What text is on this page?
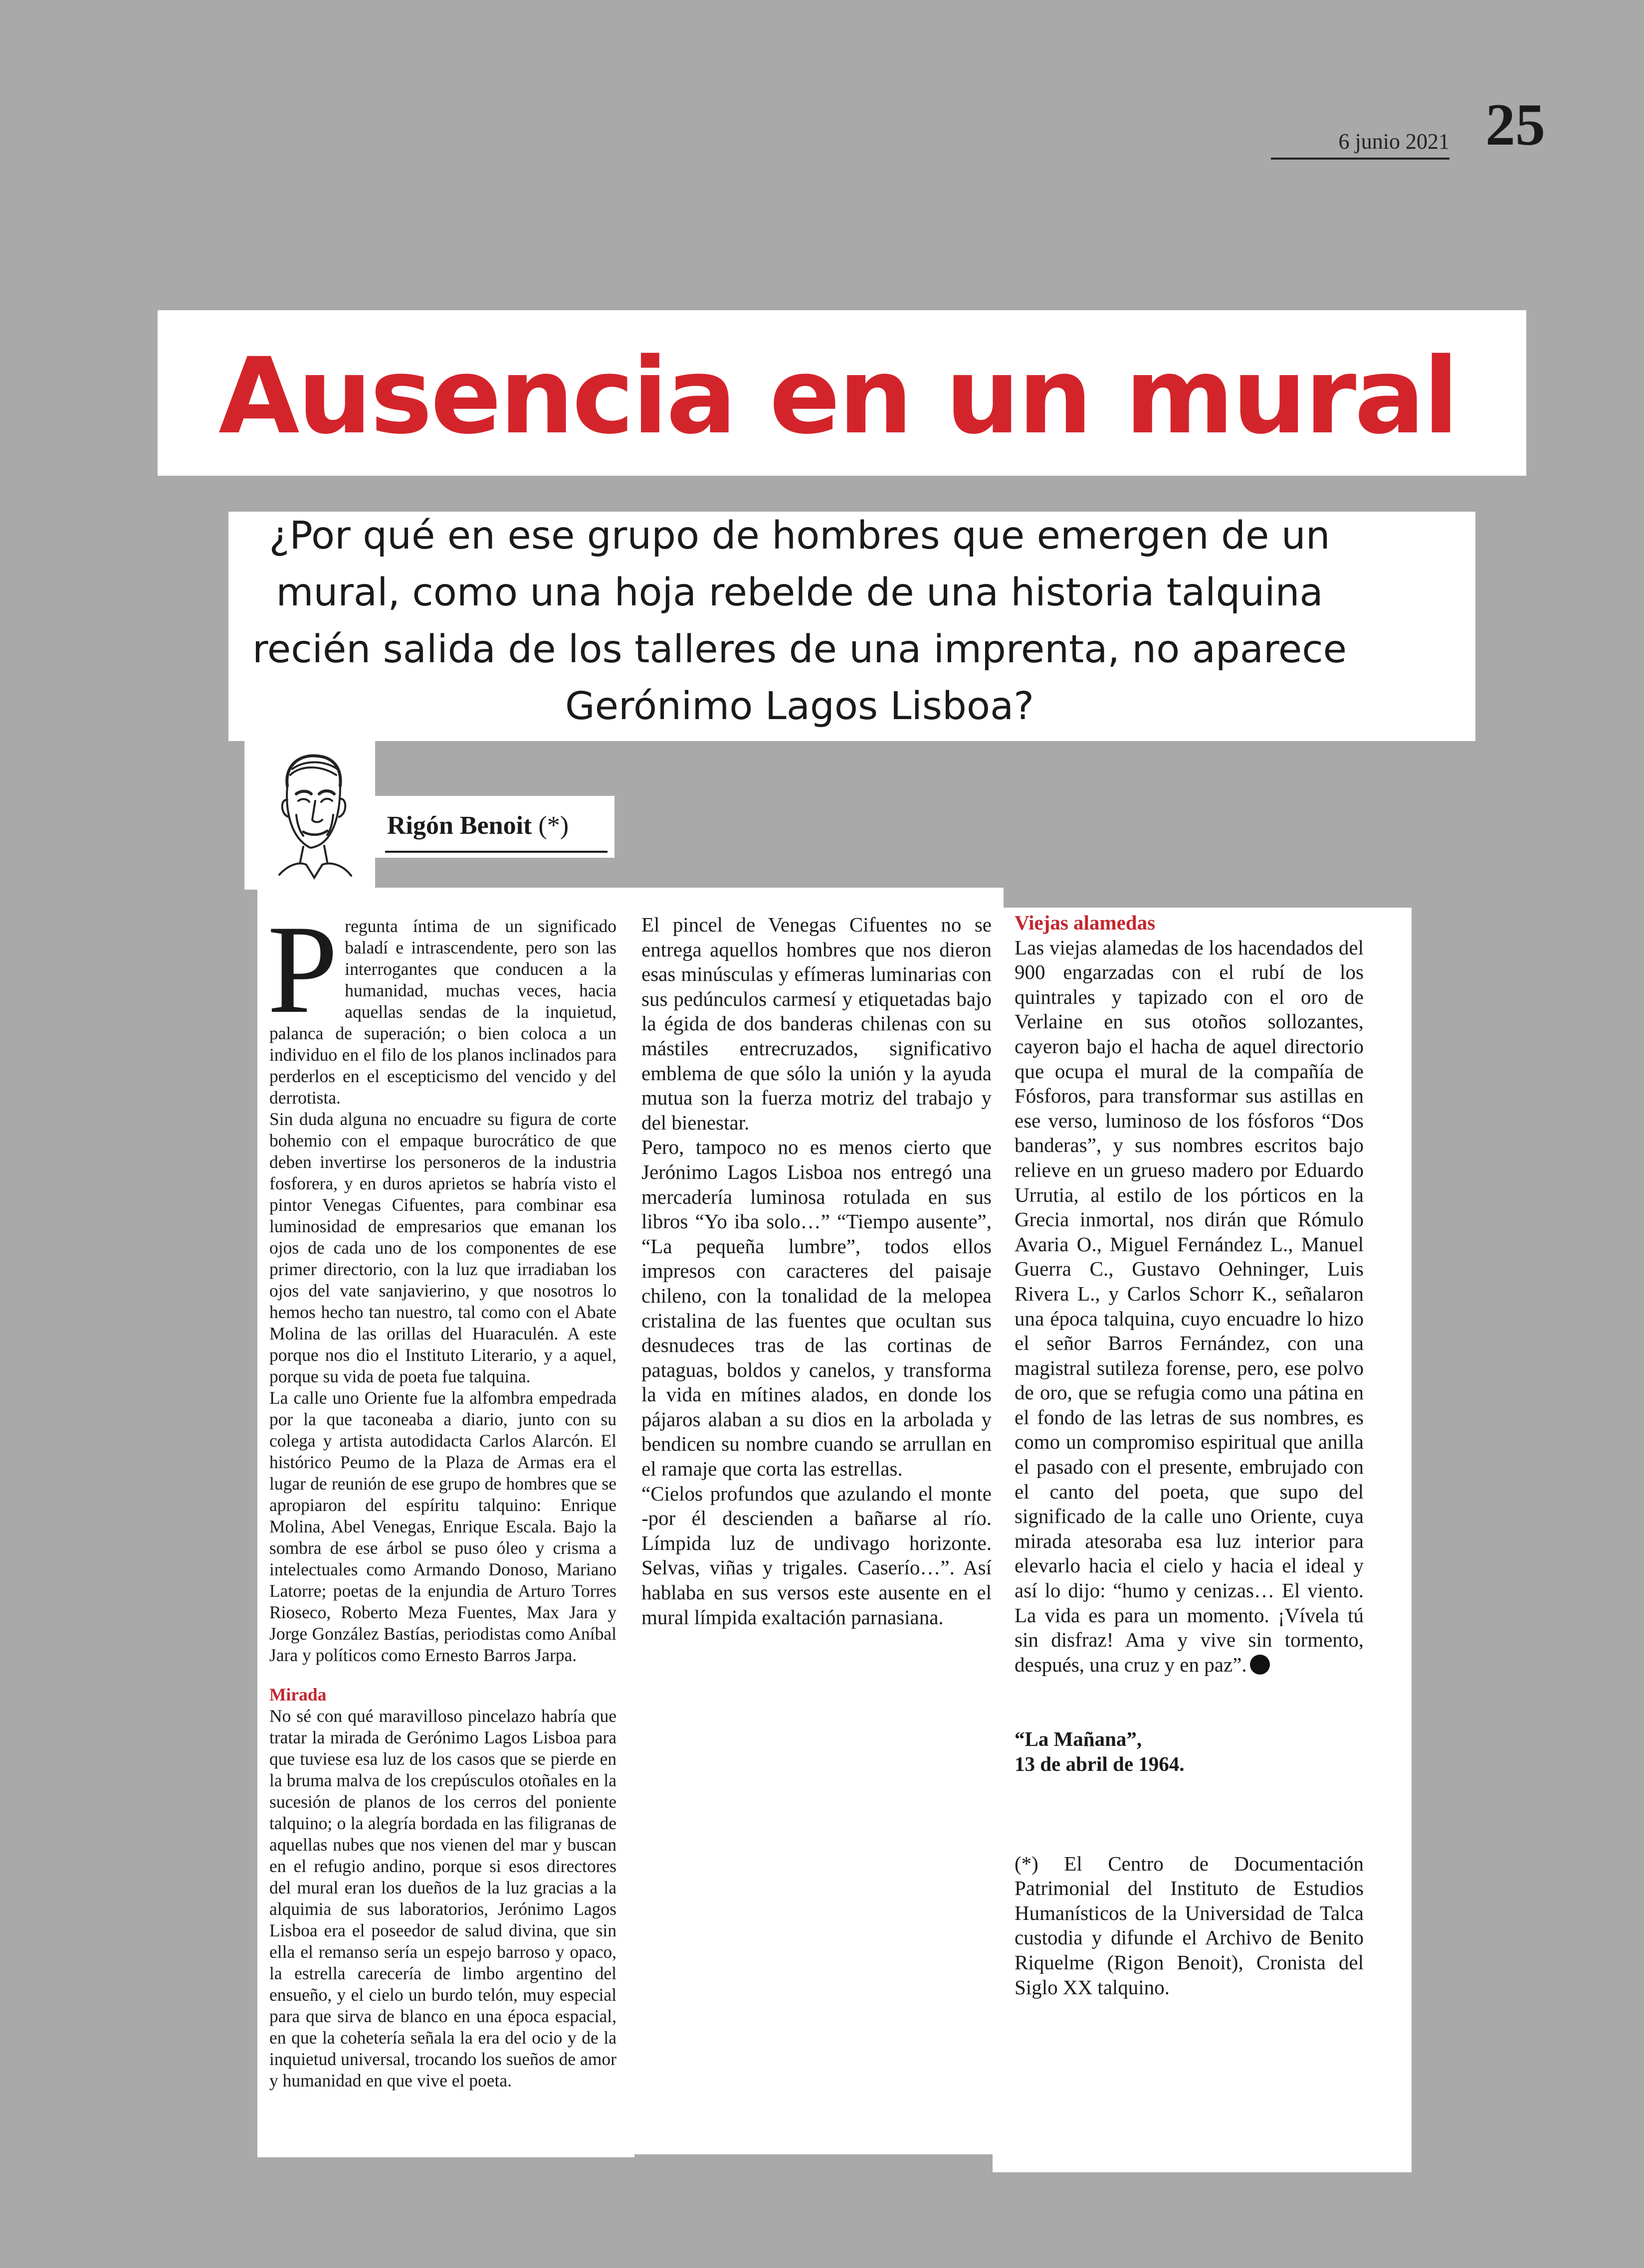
6 junio 2021 25
Ausencia en un mural
¿Por qué en ese grupo de hombres que emergen de un mural, como una hoja rebelde de una historia talquina recién salida de los talleres de una imprenta, no aparece Gerónimo Lagos Lisboa?
Rigón Benoit (*)

Pregunta íntima de un significado baladí e intrascendente, pero son las interrogantes que conducen a la humanidad, muchas veces, hacia aquellas sendas de la inquietud, palanca de superación; o bien coloca a un individuo en el filo de los planos inclinados para perderlos en el escepticismo del vencido y del derrotista.

Sin duda alguna no encuadre su figura de corte bohemio con el empaque burocrático de que deben invertirse los personeros de la industria fosforera, y en duros aprietos se habría visto el pintor Venegas Cifuentes, para combinar esa luminosidad de empresarios que emanan los ojos de cada uno de los componentes de ese primer directorio, con la luz que irradiaban los ojos del vate sanjavierino, y que nosotros lo hemos hecho tan nuestro, tal como con el Abate Molina de las orillas del Huaraculén. A este porque nos dio el Instituto Literario, y a aquel, porque su vida de poeta fue talquina.

La calle uno Oriente fue la alfombra empedrada por la que taconeaba a diario, junto con su colega y artista autodidacta Carlos Alarcón. El histórico Peumo de la Plaza de Armas era el lugar de reunión de ese grupo de hombres que se apropiaron del espíritu talquino: Enrique Molina, Abel Venegas, Enrique Escala. Bajo la sombra de ese árbol se puso óleo y crisma a intelectuales como Armando Donoso, Mariano Latorre; poetas de la enjundia de Arturo Torres Rioseco, Roberto Meza Fuentes, Max Jara y Jorge González Bastías, periodistas como Aníbal Jara y políticos como Ernesto Barros Jarpa.

Mirada

No sé con qué maravilloso pincelazo habría que tratar la mirada de Gerónimo Lagos Lisboa para que tuviese esa luz de los casos que se pierde en la bruma malva de los crepúsculos otoñales en la sucesión de planos de los cerros del poniente talquino; o la alegría bordada en las filigranas de aquellas nubes que nos vienen del mar y buscan en el refugio andino, porque si esos directores del mural eran los dueños de la luz gracias a la alquimia de sus laboratorios, Jerónimo Lagos Lisboa era el poseedor de salud divina, que sin ella el remanso sería un espejo barroso y opaco, la estrella carecería de limbo argentino del ensueño, y el cielo un burdo telón, muy especial para que sirva de blanco en una época espacial, en que la cohetería señala la era del ocio y de la inquietud universal, trocando los sueños de amor y humanidad en que vive el poeta.

El pincel de Venegas Cifuentes no se entrega aquellos hombres que nos dieron esas minúsculas y efímeras luminarias con sus pedúnculos carmesí y etiquetadas bajo la égida de dos banderas chilenas con su mástiles entrecruzados, significativo emblema de que sólo la unión y la ayuda mutua son la fuerza motriz del trabajo y del bienestar.

Pero, tampoco no es menos cierto que Jerónimo Lagos Lisboa nos entregó una mercadería luminosa rotulada en sus libros “Yo iba solo…” “Tiempo ausente”, “La pequeña lumbre”, todos ellos impresos con caracteres del paisaje chileno, con la tonalidad de la melopea cristalina de las fuentes que ocultan sus desnudeces tras de las cortinas de pataguas, boldos y canelos, y transforma la vida en mítines alados, en donde los pájaros alaban a su dios en la arbolada y bendicen su nombre cuando se arrullan en el ramaje que corta las estrellas.

“Cielos profundos que azulando el monte -por él descienden a bañarse al río. Límpida luz de undivago horizonte. Selvas, viñas y trigales. Caserío…”. Así hablaba en sus versos este ausente en el mural límpida exaltación parnasiana.

Viejas alamedas

Las viejas alamedas de los hacendados del 900 engarzadas con el rubí de los quintrales y tapizado con el oro de Verlaine en sus otoños sollozantes, cayeron bajo el hacha de aquel directorio que ocupa el mural de la compañía de Fósforos, para transformar sus astillas en ese verso, luminoso de los fósforos “Dos banderas”, y sus nombres escritos bajo relieve en un grueso madero por Eduardo Urrutia, al estilo de los pórticos en la Grecia inmortal, nos dirán que Rómulo Avaria O., Miguel Fernández L., Manuel Guerra C., Gustavo Oehninger, Luis Rivera L., y Carlos Schorr K., señalaron una época talquina, cuyo encuadre lo hizo el señor Barros Fernández, con una magistral sutileza forense, pero, ese polvo de oro, que se refugia como una pátina en el fondo de las letras de sus nombres, es como un compromiso espiritual que anilla el pasado con el presente, embrujado con el canto del poeta, que supo del significado de la calle uno Oriente, cuya mirada atesoraba esa luz interior para elevarlo hacia el cielo y hacia el ideal y así lo dijo: “humo y cenizas… El viento. La vida es para un momento. ¡Vívela tú sin disfraz! Ama y vive sin tormento, después, una cruz y en paz”.

“La Mañana”,

13 de abril de 1964.

(*) El Centro de Documentación Patrimonial del Instituto de Estudios Humanísticos de la Universidad de Talca custodia y difunde el Archivo de Benito Riquelme (Rigon Benoit), Cronista del Siglo XX talquino.
